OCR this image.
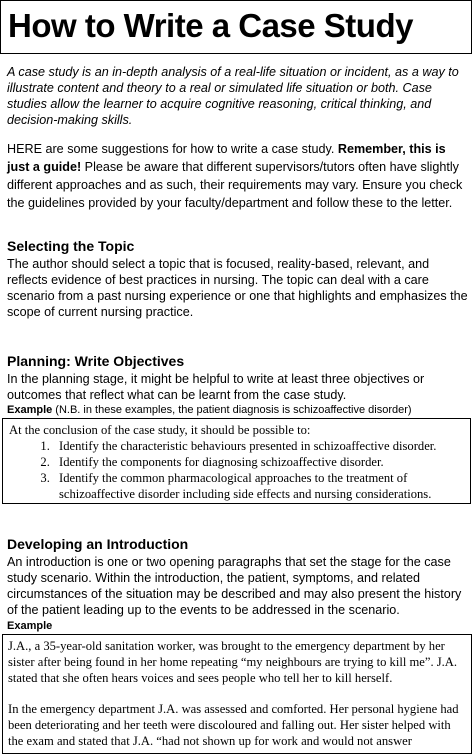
How to Write a Case Study
A case study is an in-depth analysis of a real-life situation or incident, as a way to illustrate content and theory to a real or simulated life situation or both. Case studies allow the learner to acquire cognitive reasoning, critical thinking, and decision-making skills.
HERE are some suggestions for how to write a case study. Remember, this is just a guide! Please be aware that different supervisors/tutors often have slightly different approaches and as such, their requirements may vary. Ensure you check the guidelines provided by your faculty/department and follow these to the letter.
Selecting the Topic
The author should select a topic that is focused, reality-based, relevant, and reflects evidence of best practices in nursing. The topic can deal with a care scenario from a past nursing experience or one that highlights and emphasizes the scope of current nursing practice.
Planning: Write Objectives
In the planning stage, it might be helpful to write at least three objectives or outcomes that reflect what can be learnt from the case study.
Example (N.B. in these examples, the patient diagnosis is schizoaffective disorder)

At the conclusion of the case study, it should be possible to:

1. Identify the characteristic behaviours presented in schizoaffective disorder.
2. Identify the components for diagnosing schizoaffective disorder.
3. Identify the common pharmacological approaches to the treatment of schizoaffective disorder including side effects and nursing considerations.
Developing an Introduction
An introduction is one or two opening paragraphs that set the stage for the case study scenario. Within the introduction, the patient, symptoms, and related circumstances of the situation may be described and may also present the history of the patient leading up to the events to be addressed in the scenario.
Example

J.A., a 35-year-old sanitation worker, was brought to the emergency department by her sister after being found in her home repeating “my neighbours are trying to kill me”. J.A. stated that she often hears voices and sees people who tell her to kill herself.

In the emergency department J.A. was assessed and comforted. Her personal hygiene had been deteriorating and her teeth were discoloured and falling out. Her sister helped with the exam and stated that J.A. “had not shown up for work and would not answer
